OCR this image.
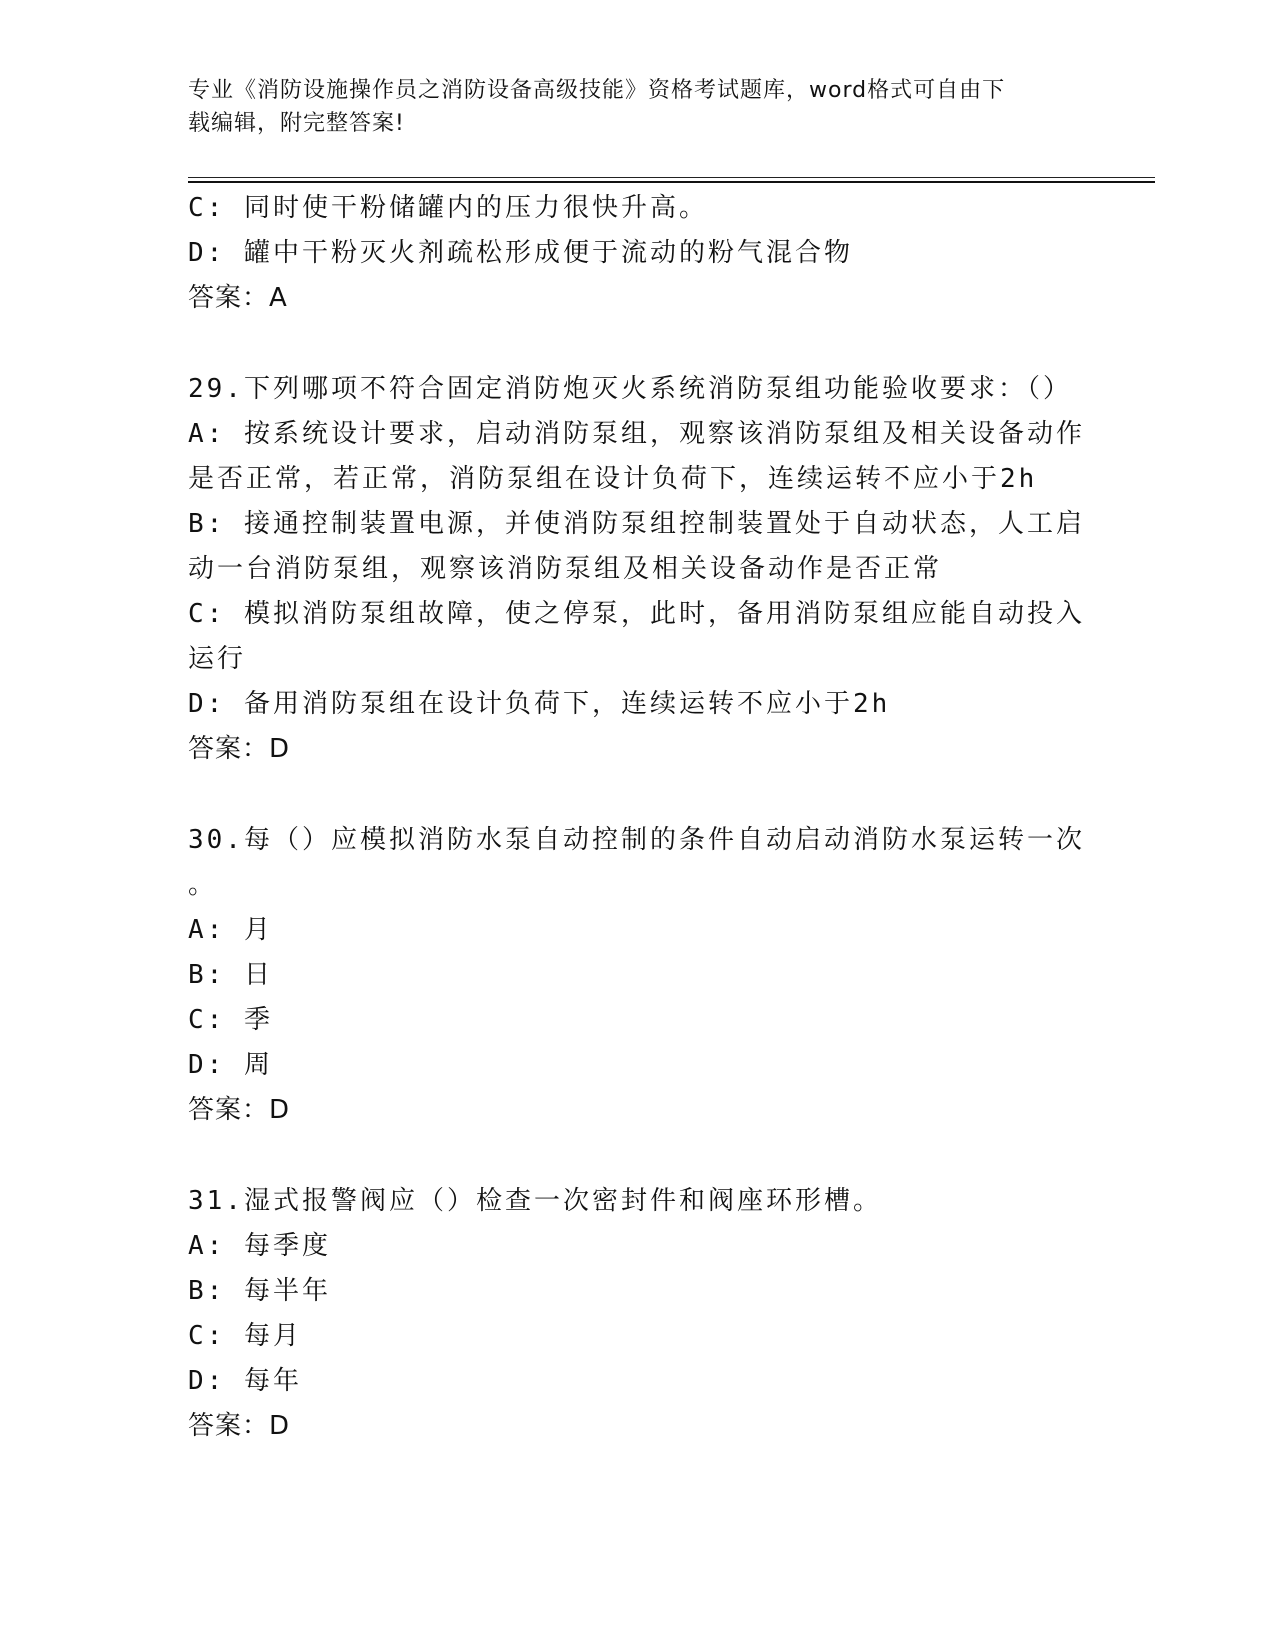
专业《消防设施操作员之消防设备高级技能》资格考试题库，word格式可自由下
载编辑，附完整答案!
C: 同时使干粉储罐内的压力很快升高。
D: 罐中干粉灭火剂疏松形成便于流动的粉气混合物
答案：A
29.下列哪项不符合固定消防炮灭火系统消防泵组功能验收要求：（）
A: 按系统设计要求，启动消防泵组，观察该消防泵组及相关设备动作
是否正常，若正常，消防泵组在设计负荷下，连续运转不应小于2h
B: 接通控制装置电源，并使消防泵组控制装置处于自动状态，人工启
动一台消防泵组，观察该消防泵组及相关设备动作是否正常
C: 模拟消防泵组故障，使之停泵，此时，备用消防泵组应能自动投入
运行
D: 备用消防泵组在设计负荷下，连续运转不应小于2h
答案：D
30.每（）应模拟消防水泵自动控制的条件自动启动消防水泵运转一次
。
A: 月
B: 日
C: 季
D: 周
答案：D
31.湿式报警阀应（）检查一次密封件和阀座环形槽。
A: 每季度
B: 每半年
C: 每月
D: 每年
答案：D
